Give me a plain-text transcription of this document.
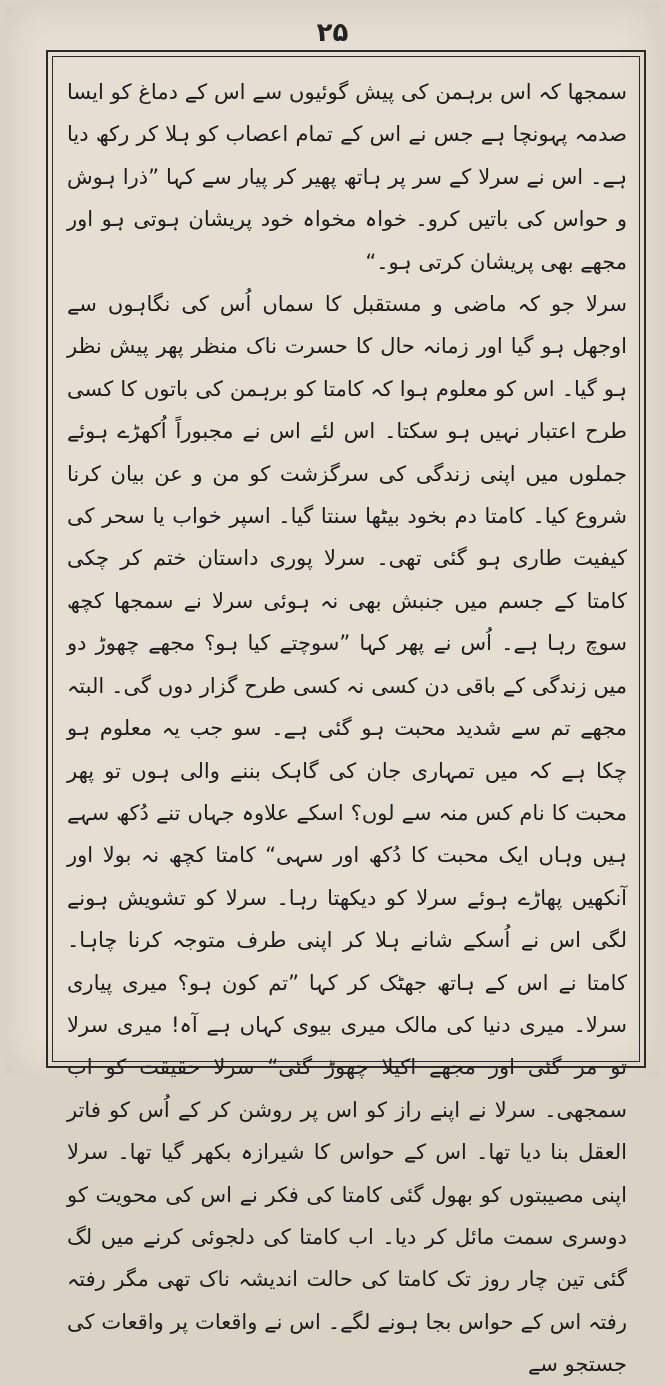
۲۵

سمجھا کہ اس برہمن کی پیش گوئیوں سے اس کے دماغ کو ایسا صدمہ پہونچا ہے جس نے اس کے تمام اعصاب کو ہلا کر رکھ دیا ہے۔ اس نے سرلا کے سر پر ہاتھ پھیر کر پیار سے کہا ”ذرا ہوش و حواس کی باتیں کرو۔ خواہ مخواہ خود پریشان ہوتی ہو اور مجھے بھی پریشان کرتی ہو۔“

سرلا جو کہ ماضی و مستقبل کا سماں اُس کی نگاہوں سے اوجھل ہو گیا اور زمانہ حال کا حسرت ناک منظر پھر پیش نظر ہو گیا۔ اس کو معلوم ہوا کہ کامتا کو برہمن کی باتوں کا کسی طرح اعتبار نہیں ہو سکتا۔ اس لئے اس نے مجبوراً اُکھڑے ہوئے جملوں میں اپنی زندگی کی سرگزشت کو من و عن بیان کرنا شروع کیا۔ کامتا دم بخود بیٹھا سنتا گیا۔ اسپر خواب یا سحر کی کیفیت طاری ہو گئی تھی۔ سرلا پوری داستان ختم کر چکی کامتا کے جسم میں جنبش بھی نہ ہوئی سرلا نے سمجھا کچھ سوچ رہا ہے۔ اُس نے پھر کہا ”سوچتے کیا ہو؟ مجھے چھوڑ دو میں زندگی کے باقی دن کسی نہ کسی طرح گزار دوں گی۔ البتہ مجھے تم سے شدید محبت ہو گئی ہے۔ سو جب یہ معلوم ہو چکا ہے کہ میں تمہاری جان کی گاہک بننے والی ہوں تو پھر محبت کا نام کس منہ سے لوں؟ اسکے علاوہ جہاں تنے دُکھ سہے ہیں وہاں ایک محبت کا دُکھ اور سہی“ کامتا کچھ نہ بولا اور آنکھیں پھاڑے ہوئے سرلا کو دیکھتا رہا۔ سرلا کو تشویش ہونے لگی اس نے اُسکے شانے ہلا کر اپنی طرف متوجہ کرنا چاہا۔ کامتا نے اس کے ہاتھ جھٹک کر کہا ”تم کون ہو؟ میری پیاری سرلا۔ میری دنیا کی مالک میری بیوی کہاں ہے آہ! میری سرلا تو مر گئی اور مجھے اکیلا چھوڑ گئی“ سرلا حقیقت کو اب سمجھی۔ سرلا نے اپنے راز کو اس پر روشن کر کے اُس کو فاتر العقل بنا دیا تھا۔ اس کے حواس کا شیرازہ بکھر گیا تھا۔ سرلا اپنی مصیبتوں کو بھول گئی کامتا کی فکر نے اس کی محویت کو دوسری سمت مائل کر دیا۔ اب کامتا کی دلجوئی کرنے میں لگ گئی تین چار روز تک کامتا کی حالت اندیشہ ناک تھی مگر رفتہ رفتہ اس کے حواس بجا ہونے لگے۔ اس نے واقعات پر واقعات کی جستجو سے
